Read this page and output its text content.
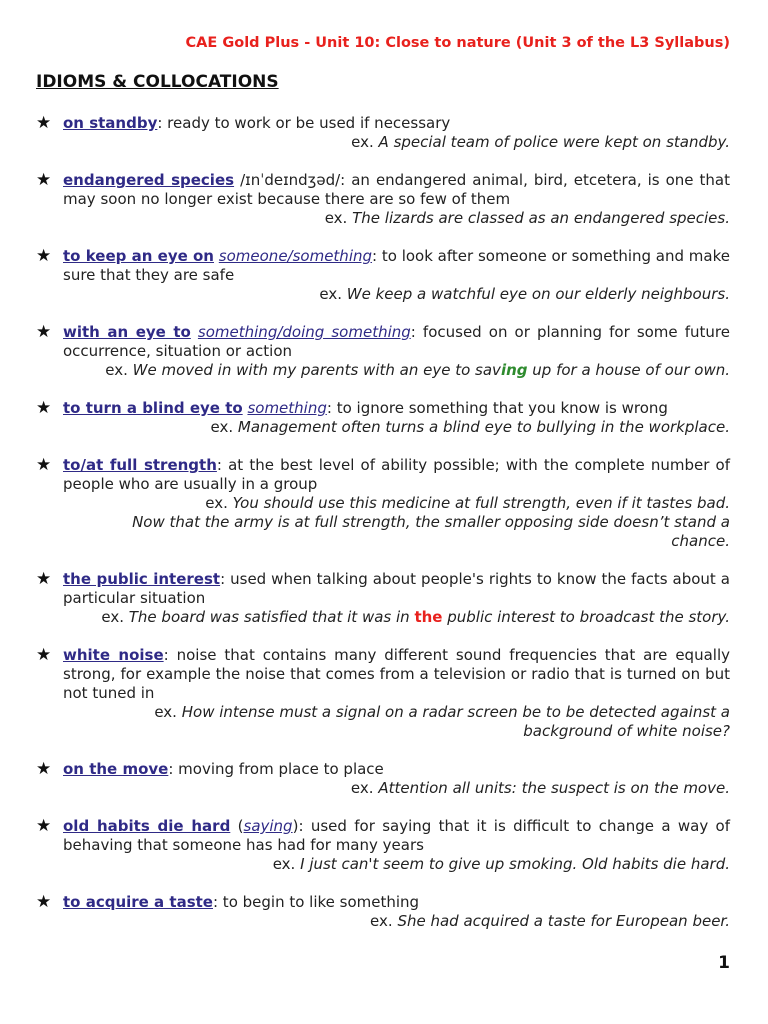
CAE Gold Plus - Unit 10: Close to nature (Unit 3 of the L3 Syllabus)
IDIOMS & COLLOCATIONS
★ on standby: ready to work or be used if necessary
ex. A special team of police were kept on standby.
★ endangered species /ɪnˈdeɪndʒəd/: an endangered animal, bird, etcetera, is one that may soon no longer exist because there are so few of them
ex. The lizards are classed as an endangered species.
★ to keep an eye on someone/something: to look after someone or something and make sure that they are safe
ex. We keep a watchful eye on our elderly neighbours.
★ with an eye to something/doing something: focused on or planning for some future occurrence, situation or action
ex. We moved in with my parents with an eye to saving up for a house of our own.
★ to turn a blind eye to something: to ignore something that you know is wrong
ex. Management often turns a blind eye to bullying in the workplace.
★ to/at full strength: at the best level of ability possible; with the complete number of people who are usually in a group
ex. You should use this medicine at full strength, even if it tastes bad.
Now that the army is at full strength, the smaller opposing side doesn’t stand a chance.
★ the public interest: used when talking about people's rights to know the facts about a particular situation
ex. The board was satisfied that it was in the public interest to broadcast the story.
★ white noise: noise that contains many different sound frequencies that are equally strong, for example the noise that comes from a television or radio that is turned on but not tuned in
ex. How intense must a signal on a radar screen be to be detected against a background of white noise?
★ on the move: moving from place to place
ex. Attention all units: the suspect is on the move.
★ old habits die hard (saying): used for saying that it is difficult to change a way of behaving that someone has had for many years
ex. I just can't seem to give up smoking. Old habits die hard.
★ to acquire a taste: to begin to like something
ex. She had acquired a taste for European beer.
1
